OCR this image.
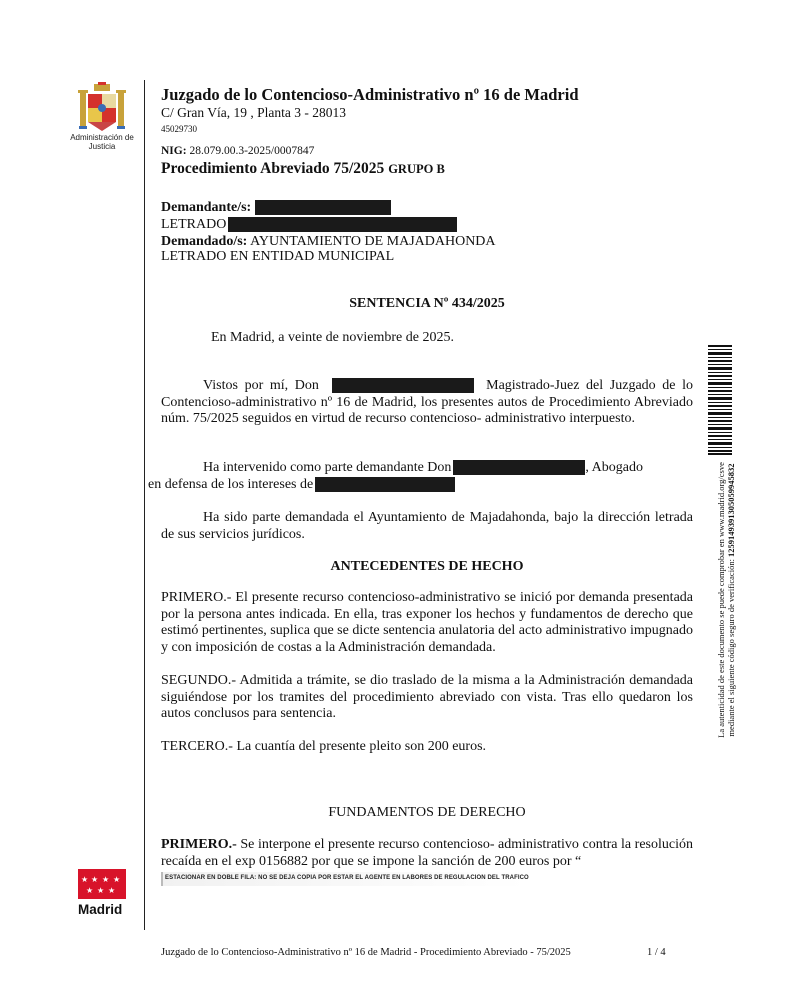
Administración de Justicia
Juzgado de lo Contencioso-Administrativo nº 16 de Madrid
C/ Gran Vía, 19 , Planta 3 - 28013
45029730
NIG: 28.079.00.3-2025/0007847
Procedimiento Abreviado 75/2025 GRUPO B
Demandante/s:
LETRADO
Demandado/s: AYUNTAMIENTO DE MAJADAHONDA
LETRADO EN ENTIDAD MUNICIPAL
SENTENCIA Nº 434/2025
En Madrid, a veinte de noviembre de 2025.
Vistos por mí, Don	Magistrado-Juez del Juzgado de lo Contencioso-administrativo nº 16 de Madrid, los presentes autos de Procedimiento Abreviado núm. 75/2025 seguidos en virtud de recurso contencioso- administrativo interpuesto.
Ha intervenido como parte demandante Don	, Abogado
en defensa de los intereses de
Ha sido parte demandada el Ayuntamiento de Majadahonda, bajo la dirección letrada de sus servicios jurídicos.
ANTECEDENTES DE HECHO
PRIMERO.- El presente recurso contencioso-administrativo se inició por demanda presentada por la persona antes indicada. En ella, tras exponer los hechos y fundamentos de derecho que estimó pertinentes, suplica que se dicte sentencia anulatoria del acto administrativo impugnado y con imposición de costas a la Administración demandada.
SEGUNDO.- Admitida a trámite, se dio traslado de la misma a la Administración demandada siguiéndose por los tramites del procedimiento abreviado con vista. Tras ello quedaron los autos conclusos para sentencia.
TERCERO.- La cuantía del presente pleito son 200 euros.
FUNDAMENTOS DE DERECHO
PRIMERO.- Se interpone el presente recurso contencioso- administrativo contra la resolución recaída en el exp 0156882 por que se impone la sanción de 200 euros por “
ESTACIONAR EN DOBLE FILA: NO SE DEJA COPIA POR ESTAR EL AGENTE EN LABORES DE REGULACION DEL TRAFICO
★ ★ ★ ★
★ ★ ★
Madrid
La autenticidad de este documento se puede comprobar en www.madrid.org/csve mediante el siguiente código seguro de verificación: 1259149391305059945832
Juzgado de lo Contencioso-Administrativo nº 16 de Madrid - Procedimiento Abreviado - 75/2025	1 / 4
